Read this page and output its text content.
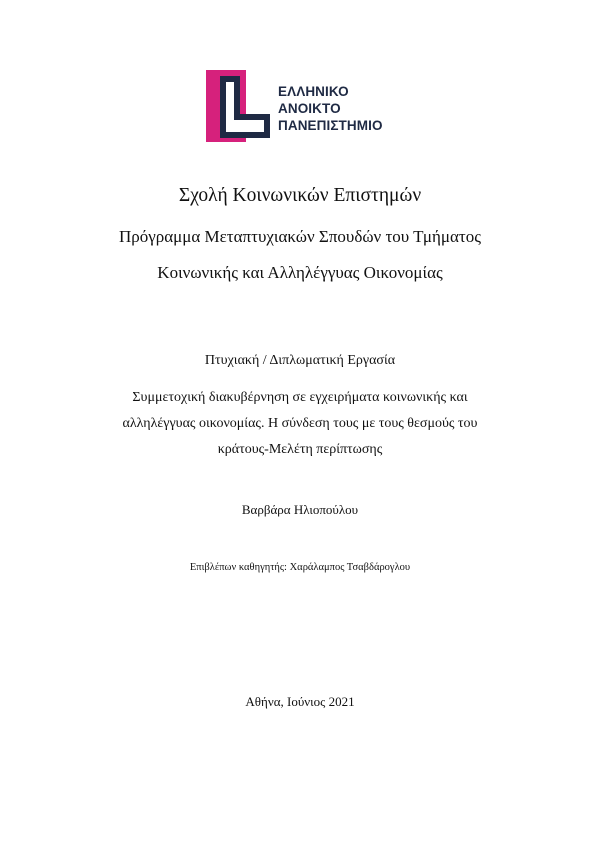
ΕΛΛΗΝΙΚΟ
ΑΝΟΙΚΤΟ
ΠΑΝΕΠΙΣΤΗΜΙΟ
Σχολή Κοινωνικών Επιστημών
Πρόγραμμα Μεταπτυχιακών Σπουδών του Τμήματος
Κοινωνικής και Αλληλέγγυας Οικονομίας
Πτυχιακή / Διπλωματική Εργασία
Συμμετοχική διακυβέρνηση σε εγχειρήματα κοινωνικής και
αλληλέγγυας οικονομίας. Η σύνδεση τους με τους θεσμούς του
κράτους-Μελέτη περίπτωσης
Βαρβάρα Ηλιοπούλου
Επιβλέπων καθηγητής: Χαράλαμπος Τσαβδάρογλου
Αθήνα, Ιούνιος 2021
